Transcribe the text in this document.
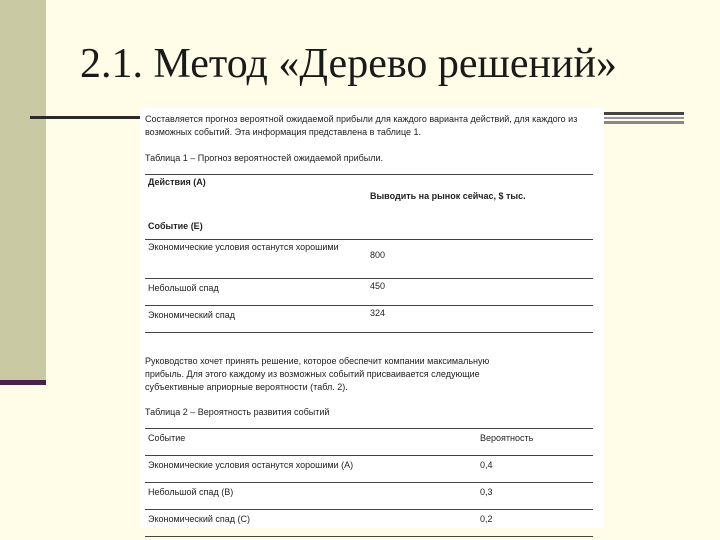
2.1. Метод «Дерево решений»
Составляется прогноз вероятной ожидаемой прибыли для каждого варианта действий, для каждого из возможных событий. Эта информация представлена в таблице 1.
Таблица 1 – Прогноз вероятностей ожидаемой прибыли.
Действия (А)	Выводить на рынок сейчас, $ тыс.
Событие (Е)	
Экономические условия останутся хорошими	800
Небольшой спад	450
Экономический спад	324
Руководство хочет принять решение, которое обеспечит компании максимальную прибыль. Для этого каждому из возможных событий присваивается следующие субъективные априорные вероятности (табл. 2).
Таблица 2 – Вероятность развития событий
Событие	Вероятность
Экономические условия останутся хорошими (А)	0,4
Небольшой спад (В)	0,3
Экономический спад (С)	0,2
